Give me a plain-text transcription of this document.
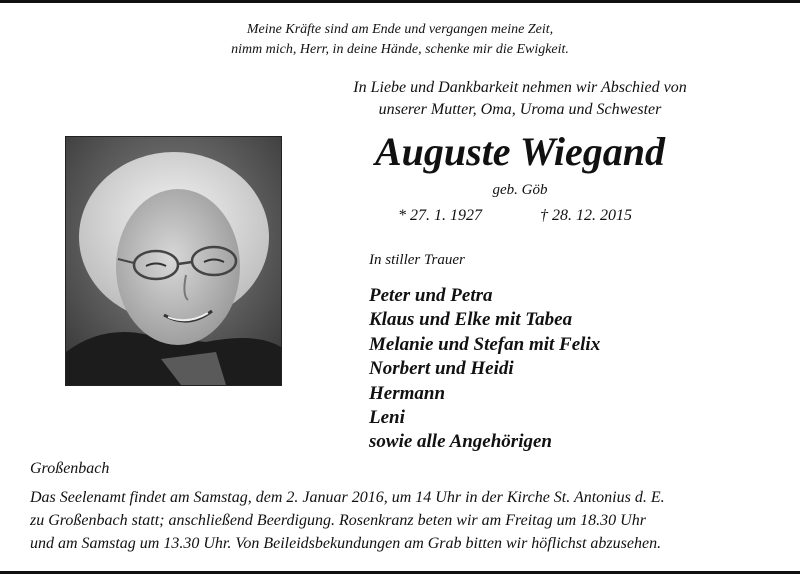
Meine Kräfte sind am Ende und vergangen meine Zeit,
nimm mich, Herr, in deine Hände, schenke mir die Ewigkeit.
In Liebe und Dankbarkeit nehmen wir Abschied von
unserer Mutter, Oma, Uroma und Schwester
Auguste Wiegand
geb. Göb
* 27. 1. 1927	† 28. 12. 2015
In stiller Trauer
Peter und Petra
Klaus und Elke mit Tabea
Melanie und Stefan mit Felix
Norbert und Heidi
Hermann
Leni
sowie alle Angehörigen
Großenbach
Das Seelenamt findet am Samstag, dem 2. Januar 2016, um 14 Uhr in der Kirche St. Antonius d. E.
zu Großenbach statt; anschließend Beerdigung. Rosenkranz beten wir am Freitag um 18.30 Uhr
und am Samstag um 13.30 Uhr. Von Beileidsbekundungen am Grab bitten wir höflichst abzusehen.
